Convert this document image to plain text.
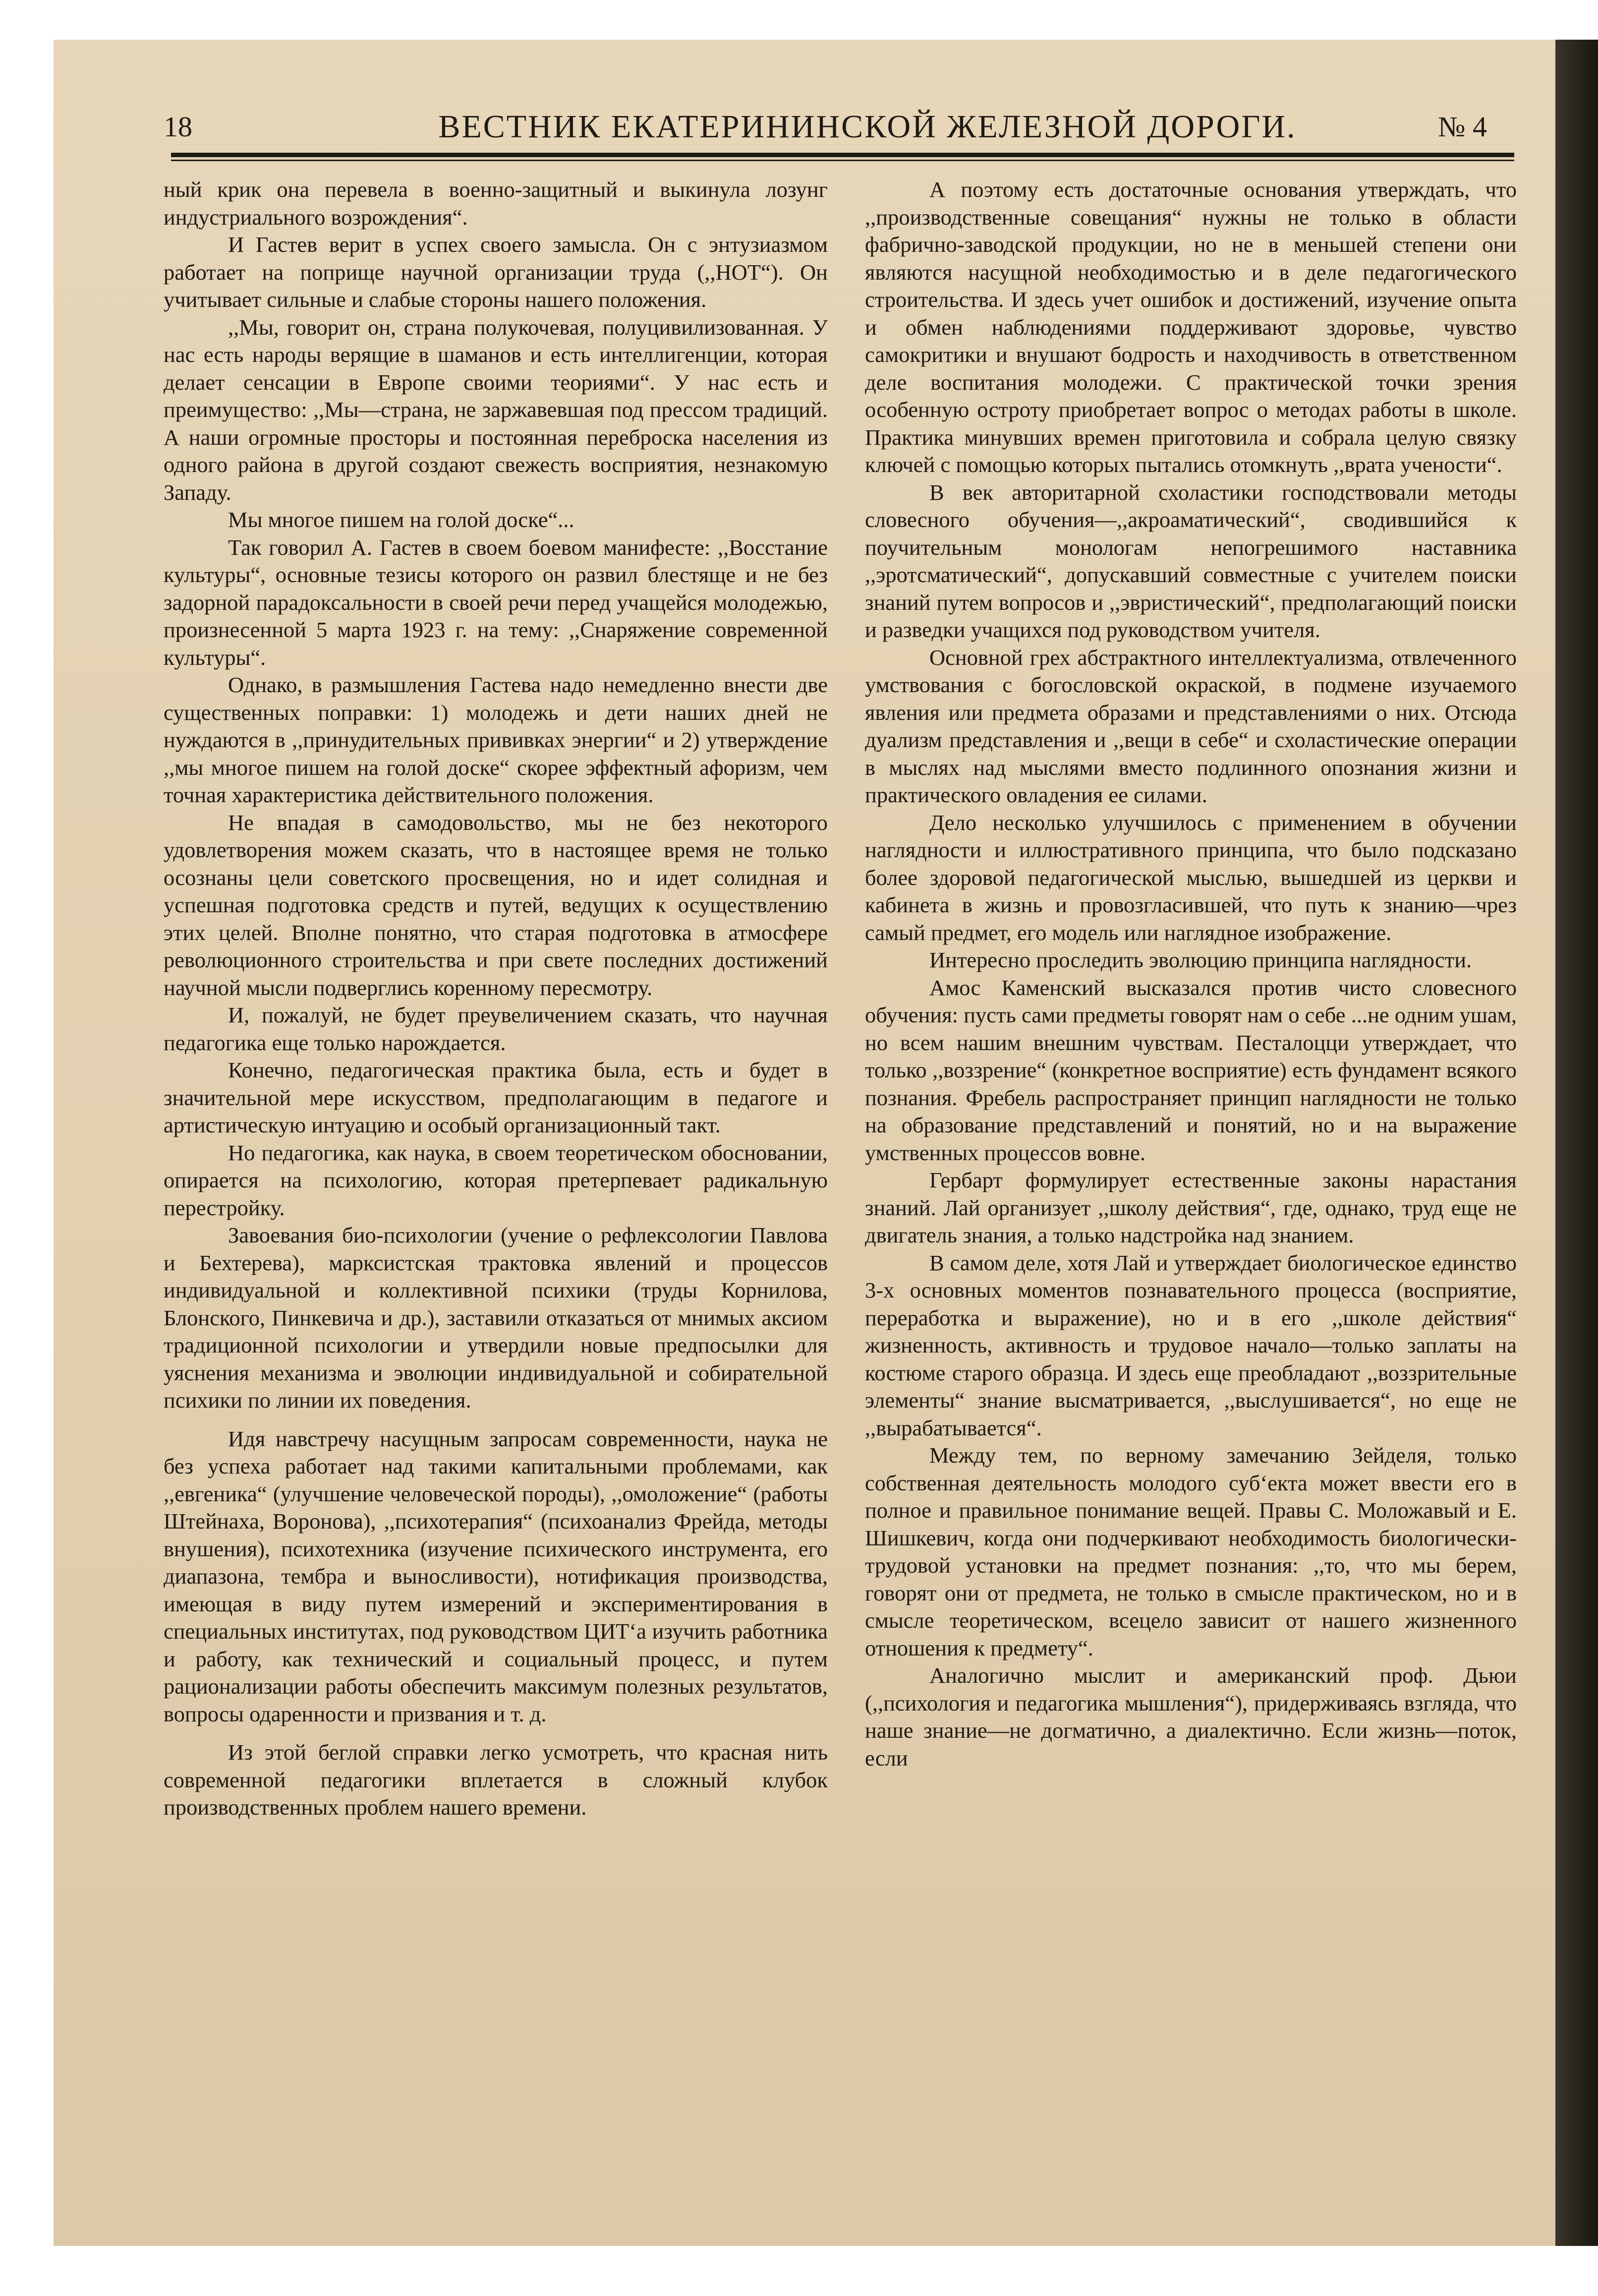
18	ВЕСТНИК ЕКАТЕРИНИНСКОЙ ЖЕЛЕЗНОЙ ДОРОГИ.	№ 4

ный крик она перевела в военно-защитный и выкинула лозунг индустриального возрождения“.

И Гастев верит в успех своего замысла. Он с энтузиазмом работает на поприще научной организации труда (,,НОТ“). Он учитывает сильные и слабые стороны нашего положения.

,,Мы, говорит он, страна полукочевая, полуцивилизованная. У нас есть народы верящие в шаманов и есть интеллигенции, которая делает сенсации в Европе своими теориями“. У нас есть и преимущество: ,,Мы—страна, не заржавевшая под прессом традиций. А наши огромные просторы и постоянная переброска населения из одного района в другой создают свежесть восприятия, незнакомую Западу.

Мы многое пишем на голой доске“...

Так говорил А. Гастев в своем боевом манифесте: ,,Восстание культуры“, основные тезисы которого он развил блестяще и не без задорной парадоксальности в своей речи перед учащейся молодежью, произнесенной 5 марта 1923 г. на тему: ,,Снаряжение современной культуры“.

Однако, в размышления Гастева надо немедленно внести две существенных поправки: 1) молодежь и дети наших дней не нуждаются в ,,принудительных прививках энергии“ и 2) утверждение ,,мы многое пишем на голой доске“ скорее эффектный афоризм, чем точная характеристика действительного положения.

Не впадая в самодовольство, мы не без некоторого удовлетворения можем сказать, что в настоящее время не только осознаны цели советского просвещения, но и идет солидная и успешная подготовка средств и путей, ведущих к осуществлению этих целей. Вполне понятно, что старая подготовка в атмосфере революционного строительства и при свете последних достижений научной мысли подверглись коренному пересмотру.

И, пожалуй, не будет преувеличением сказать, что научная педагогика еще только нарождается.

Конечно, педагогическая практика была, есть и будет в значительной мере искусством, предполагающим в педагоге и артистическую интуацию и особый организационный такт.

Но педагогика, как наука, в своем теоретическом обосновании, опирается на психологию, которая претерпевает радикальную перестройку.

Завоевания био-психологии (учение о рефлексологии Павлова и Бехтерева), марксистская трактовка явлений и процессов индивидуальной и коллективной психики (труды Корнилова, Блонского, Пинкевича и др.), заставили отказаться от мнимых аксиом традиционной психологии и утвердили новые предпосылки для уяснения механизма и эволюции индивидуальной и собирательной психики по линии их поведения.

Идя навстречу насущным запросам современности, наука не без успеха работает над такими капитальными проблемами, как ,,евгеника“ (улучшение человеческой породы), ,,омоложение“ (работы Штейнаха, Воронова), ,,психотерапия“ (психоанализ Фрейда, методы внушения), психотехника (изучение психического инструмента, его диапазона, тембра и выносливости), нотификация производства, имеющая в виду путем измерений и экспериментирования в специальных институтах, под руководством ЦИТ‘а изучить работника и работу, как технический и социальный процесс, и путем рационализации работы обеспечить максимум полезных результатов, вопросы одаренности и призвания и т. д.

Из этой беглой справки легко усмотреть, что красная нить современной педагогики вплетается в сложный клубок производственных проблем нашего времени.

А поэтому есть достаточные основания утверждать, что ,,производственные совещания“ нужны не только в области фабрично-заводской продукции, но не в меньшей степени они являются насущной необходимостью и в деле педагогического строительства. И здесь учет ошибок и достижений, изучение опыта и обмен наблюдениями поддерживают здоровье, чувство самокритики и внушают бодрость и находчивость в ответственном деле воспитания молодежи. С практической точки зрения особенную остроту приобретает вопрос о методах работы в школе. Практика минувших времен приготовила и собрала целую связку ключей с помощью которых пытались отомкнуть ,,врата учености“.

В век авторитарной схоластики господствовали методы словесного обучения—,,акроаматический“, сводившийся к поучительным монологам непогрешимого наставника ,,эротсматический“, допускавший совместные с учителем поиски знаний путем вопросов и ,,эвристический“, предполагающий поиски и разведки учащихся под руководством учителя.

Основной грех абстрактного интеллектуализма, отвлеченного умствования с богословской окраской, в подмене изучаемого явления или предмета образами и представлениями о них. Отсюда дуализм представления и ,,вещи в себе“ и схоластические операции в мыслях над мыслями вместо подлинного опознания жизни и практического овладения ее силами.

Дело несколько улучшилось с применением в обучении наглядности и иллюстративного принципа, что было подсказано более здоровой педагогической мыслью, вышедшей из церкви и кабинета в жизнь и провозгласившей, что путь к знанию—чрез самый предмет, его модель или наглядное изображение.

Интересно проследить эволюцию принципа наглядности.

Амос Каменский высказался против чисто словесного обучения: пусть сами предметы говорят нам о себе ...не одним ушам, но всем нашим внешним чувствам. Песталоцци утверждает, что только ,,воззрение“ (конкретное восприятие) есть фундамент всякого познания. Фребель распространяет принцип наглядности не только на образование представлений и понятий, но и на выражение умственных процессов вовне.

Гербарт формулирует естественные законы нарастания знаний. Лай организует ,,школу действия“, где, однако, труд еще не двигатель знания, а только надстройка над знанием.

В самом деле, хотя Лай и утверждает биологическое единство 3-х основных моментов познавательного процесса (восприятие, переработка и выражение), но и в его ,,школе действия“ жизненность, активность и трудовое начало—только заплаты на костюме старого образца. И здесь еще преобладают ,,воззрительные элементы“ знание высматривается, ,,выслушивается“, но еще не ,,вырабатывается“.

Между тем, по верному замечанию Зейделя, только собственная деятельность молодого суб‘екта может ввести его в полное и правильное понимание вещей. Правы С. Моложавый и Е. Шишкевич, когда они подчеркивают необходимость биологически-трудовой установки на предмет познания: ,,то, что мы берем, говорят они от предмета, не только в смысле практическом, но и в смысле теоретическом, всецело зависит от нашего жизненного отношения к предмету“.

Аналогично мыслит и американский проф. Дьюи (,,психология и педагогика мышления“), придерживаясь взгляда, что наше знание—не догматично, а диалектично. Если жизнь—поток, если
